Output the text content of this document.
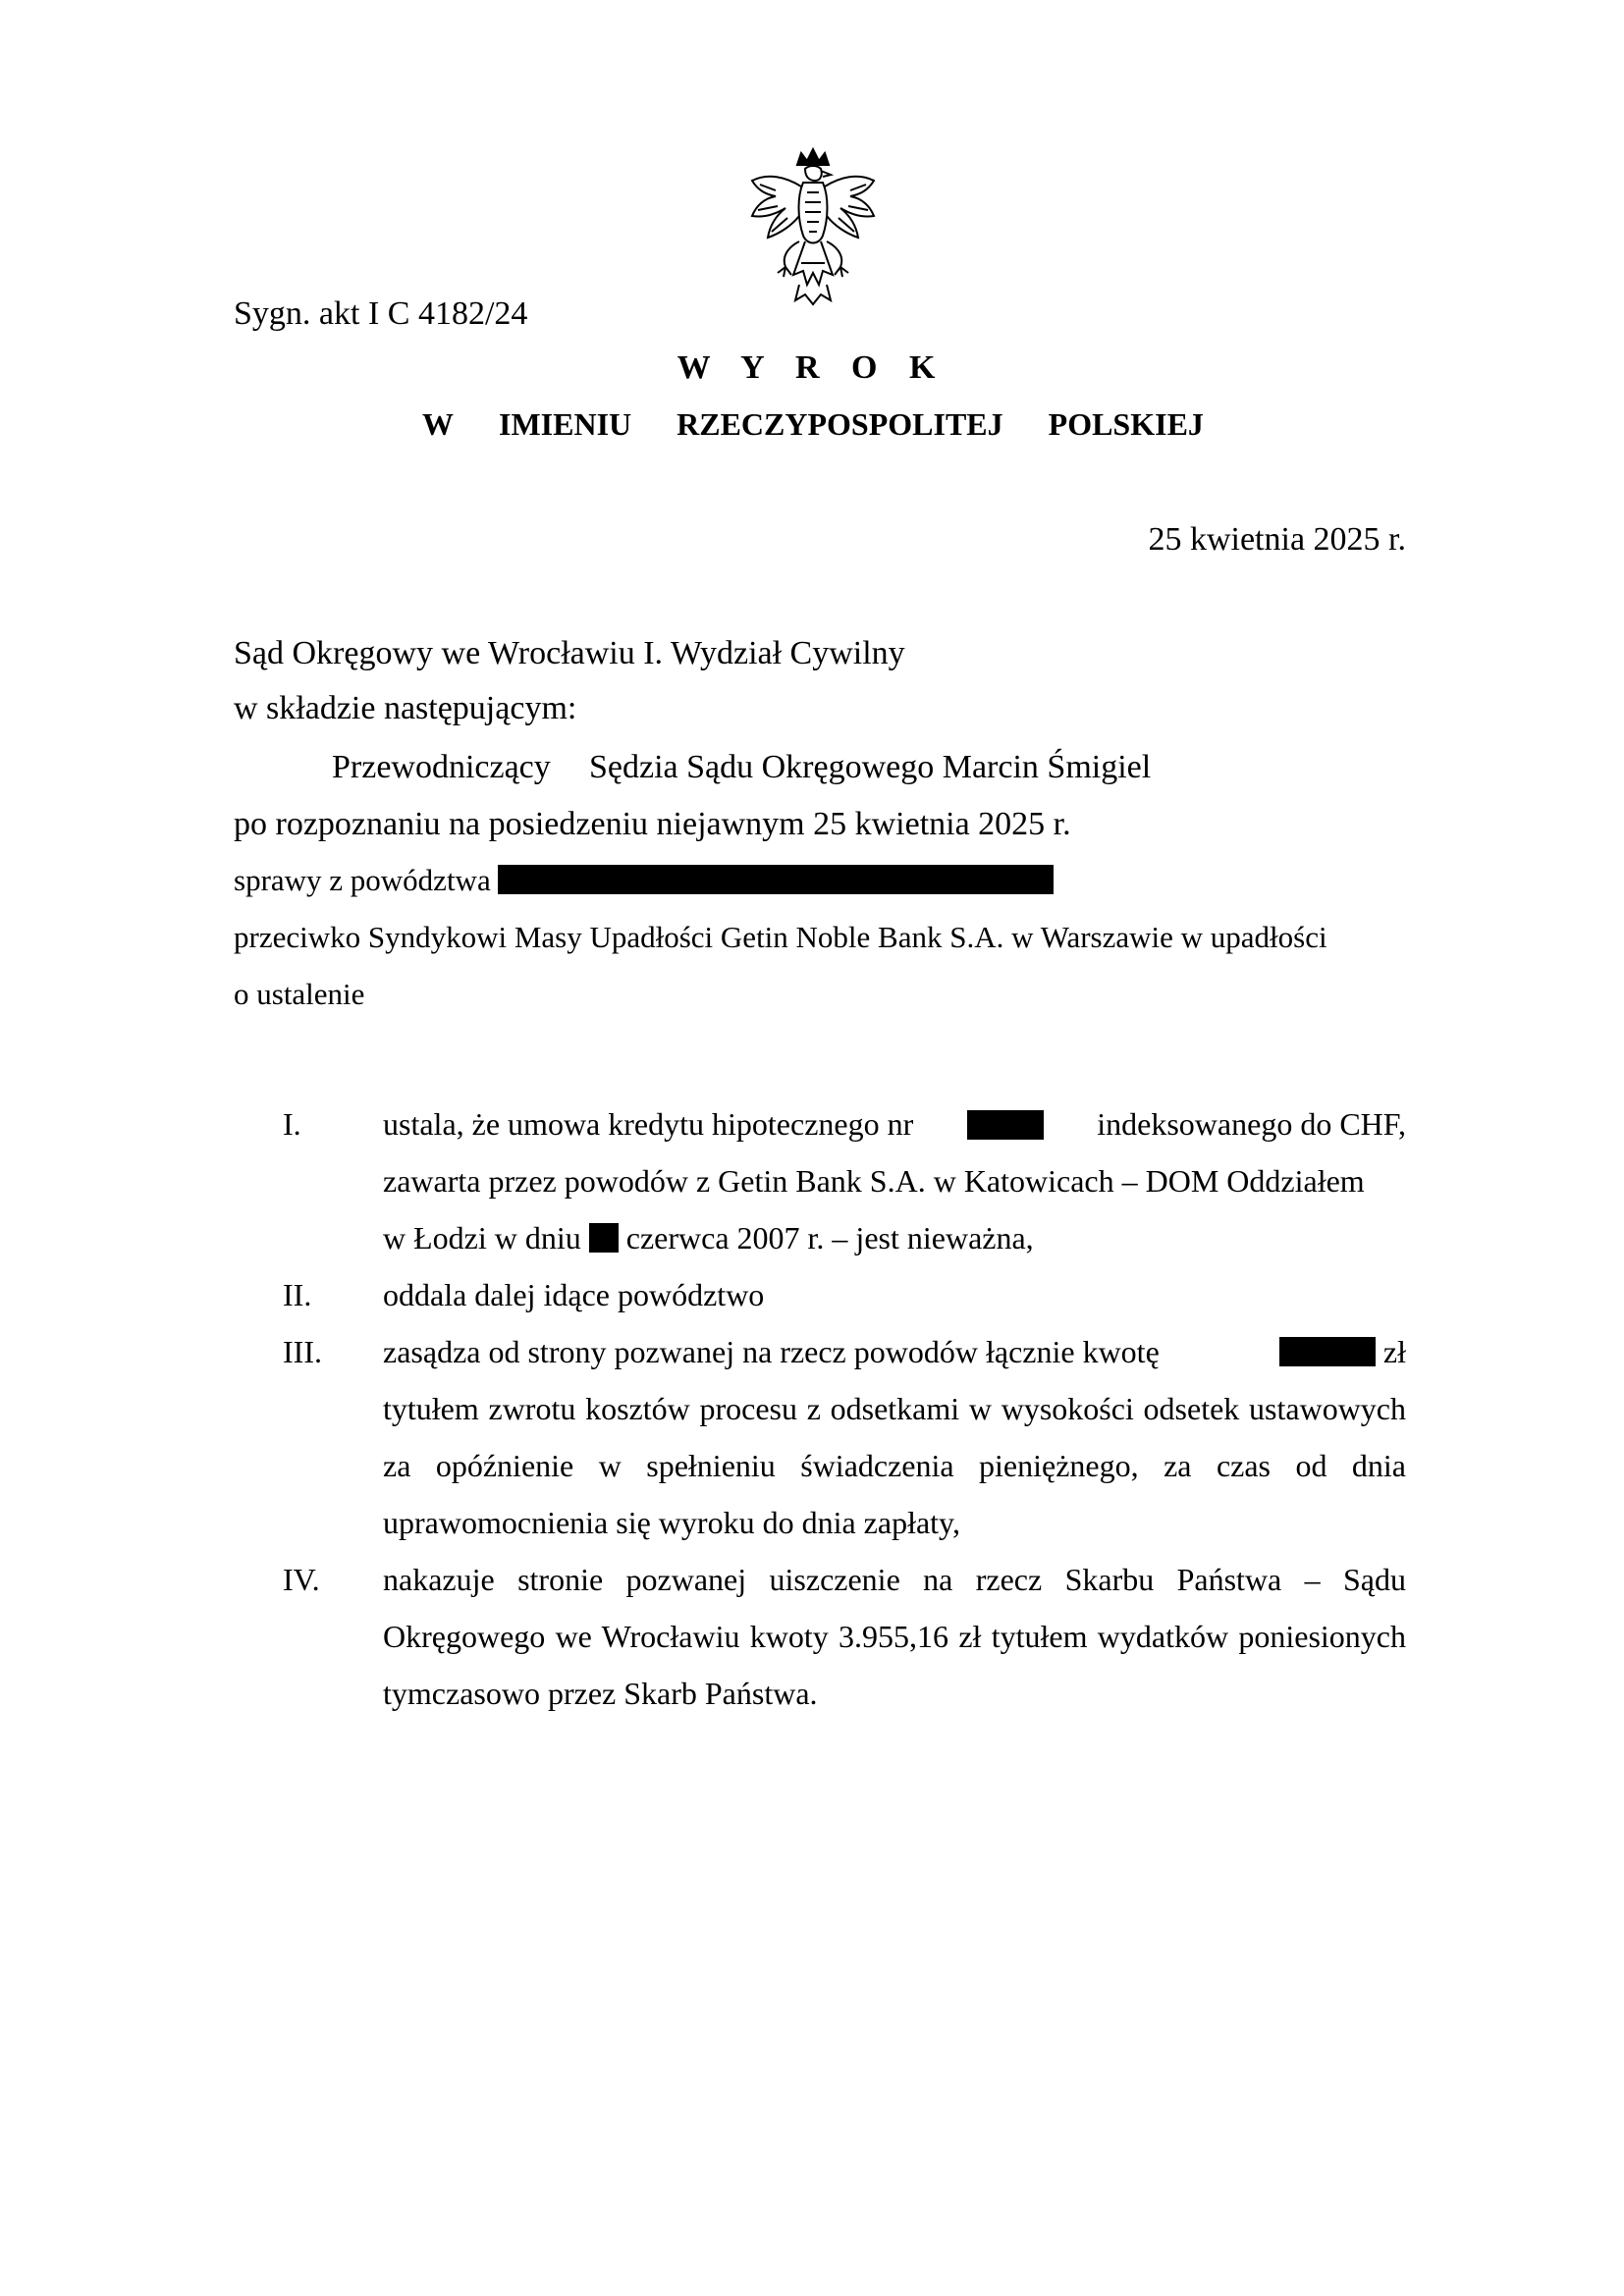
Sygn. akt I C 4182/24
W Y R O K
W IMIENIU RZECZYPOSPOLITEJ POLSKIEJ
25 kwietnia 2025 r.
Sąd Okręgowy we Wrocławiu I. Wydział Cywilny
w składzie następującym:
Przewodniczący Sędzia Sądu Okręgowego Marcin Śmigiel
po rozpoznaniu na posiedzeniu niejawnym 25 kwietnia 2025 r.
sprawy z powództwa
przeciwko Syndykowi Masy Upadłości Getin Noble Bank S.A. w Warszawie w upadłości
o ustalenie
I.	ustala, że umowa kredytu hipotecznego nr	indeksowanego do CHF,

zawarta przez powodów z Getin Bank S.A. w Katowicach – DOM Oddziałem

w Łodzi w dniu czerwca 2007 r. – jest nieważna,

II.	oddala dalej idące powództwo

III.	zasądza od strony pozwanej na rzecz powodów łącznie kwotę	zł

tytułem zwrotu kosztów procesu z odsetkami w wysokości odsetek ustawowych za opóźnienie w spełnieniu świadczenia pieniężnego, za czas od dnia uprawomocnienia się wyroku do dnia zapłaty,

IV.	nakazuje stronie pozwanej uiszczenie na rzecz Skarbu Państwa – Sądu Okręgowego we Wrocławiu kwoty 3.955,16 zł tytułem wydatków poniesionych tymczasowo przez Skarb Państwa.
